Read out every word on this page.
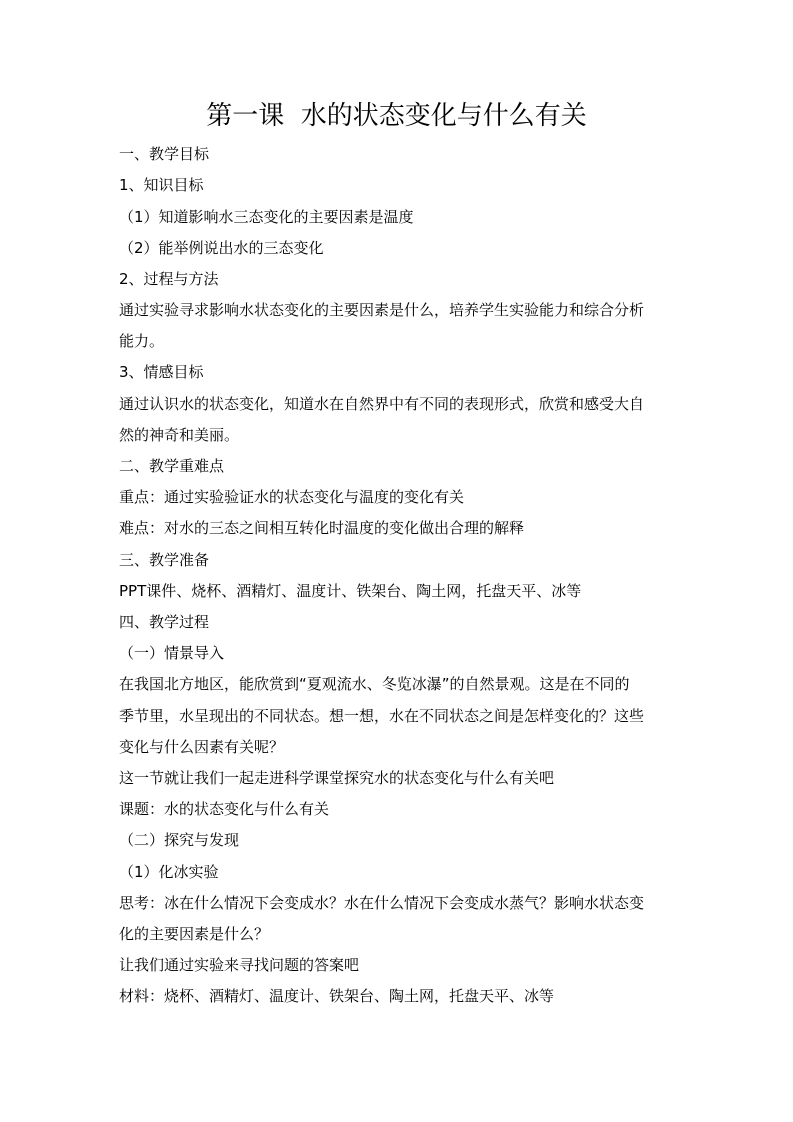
第一课  水的状态变化与什么有关
一、教学目标
1、知识目标
（1）知道影响水三态变化的主要因素是温度
（2）能举例说出水的三态变化
2、过程与方法
通过实验寻求影响水状态变化的主要因素是什么，培养学生实验能力和综合分析
能力。
3、情感目标
通过认识水的状态变化，知道水在自然界中有不同的表现形式，欣赏和感受大自
然的神奇和美丽。
二、教学重难点
重点：通过实验验证水的状态变化与温度的变化有关
难点：对水的三态之间相互转化时温度的变化做出合理的解释
三、教学准备
PPT课件、烧杯、酒精灯、温度计、铁架台、陶土网，托盘天平、冰等
四、教学过程
（一）情景导入
在我国北方地区，能欣赏到“夏观流水、冬览冰瀑”的自然景观。这是在不同的
季节里，水呈现出的不同状态。想一想，水在不同状态之间是怎样变化的？这些
变化与什么因素有关呢？
这一节就让我们一起走进科学课堂探究水的状态变化与什么有关吧
课题：水的状态变化与什么有关
（二）探究与发现
（1）化冰实验
思考：冰在什么情况下会变成水？水在什么情况下会变成水蒸气？影响水状态变
化的主要因素是什么？
让我们通过实验来寻找问题的答案吧
材料：烧杯、酒精灯、温度计、铁架台、陶土网，托盘天平、冰等
